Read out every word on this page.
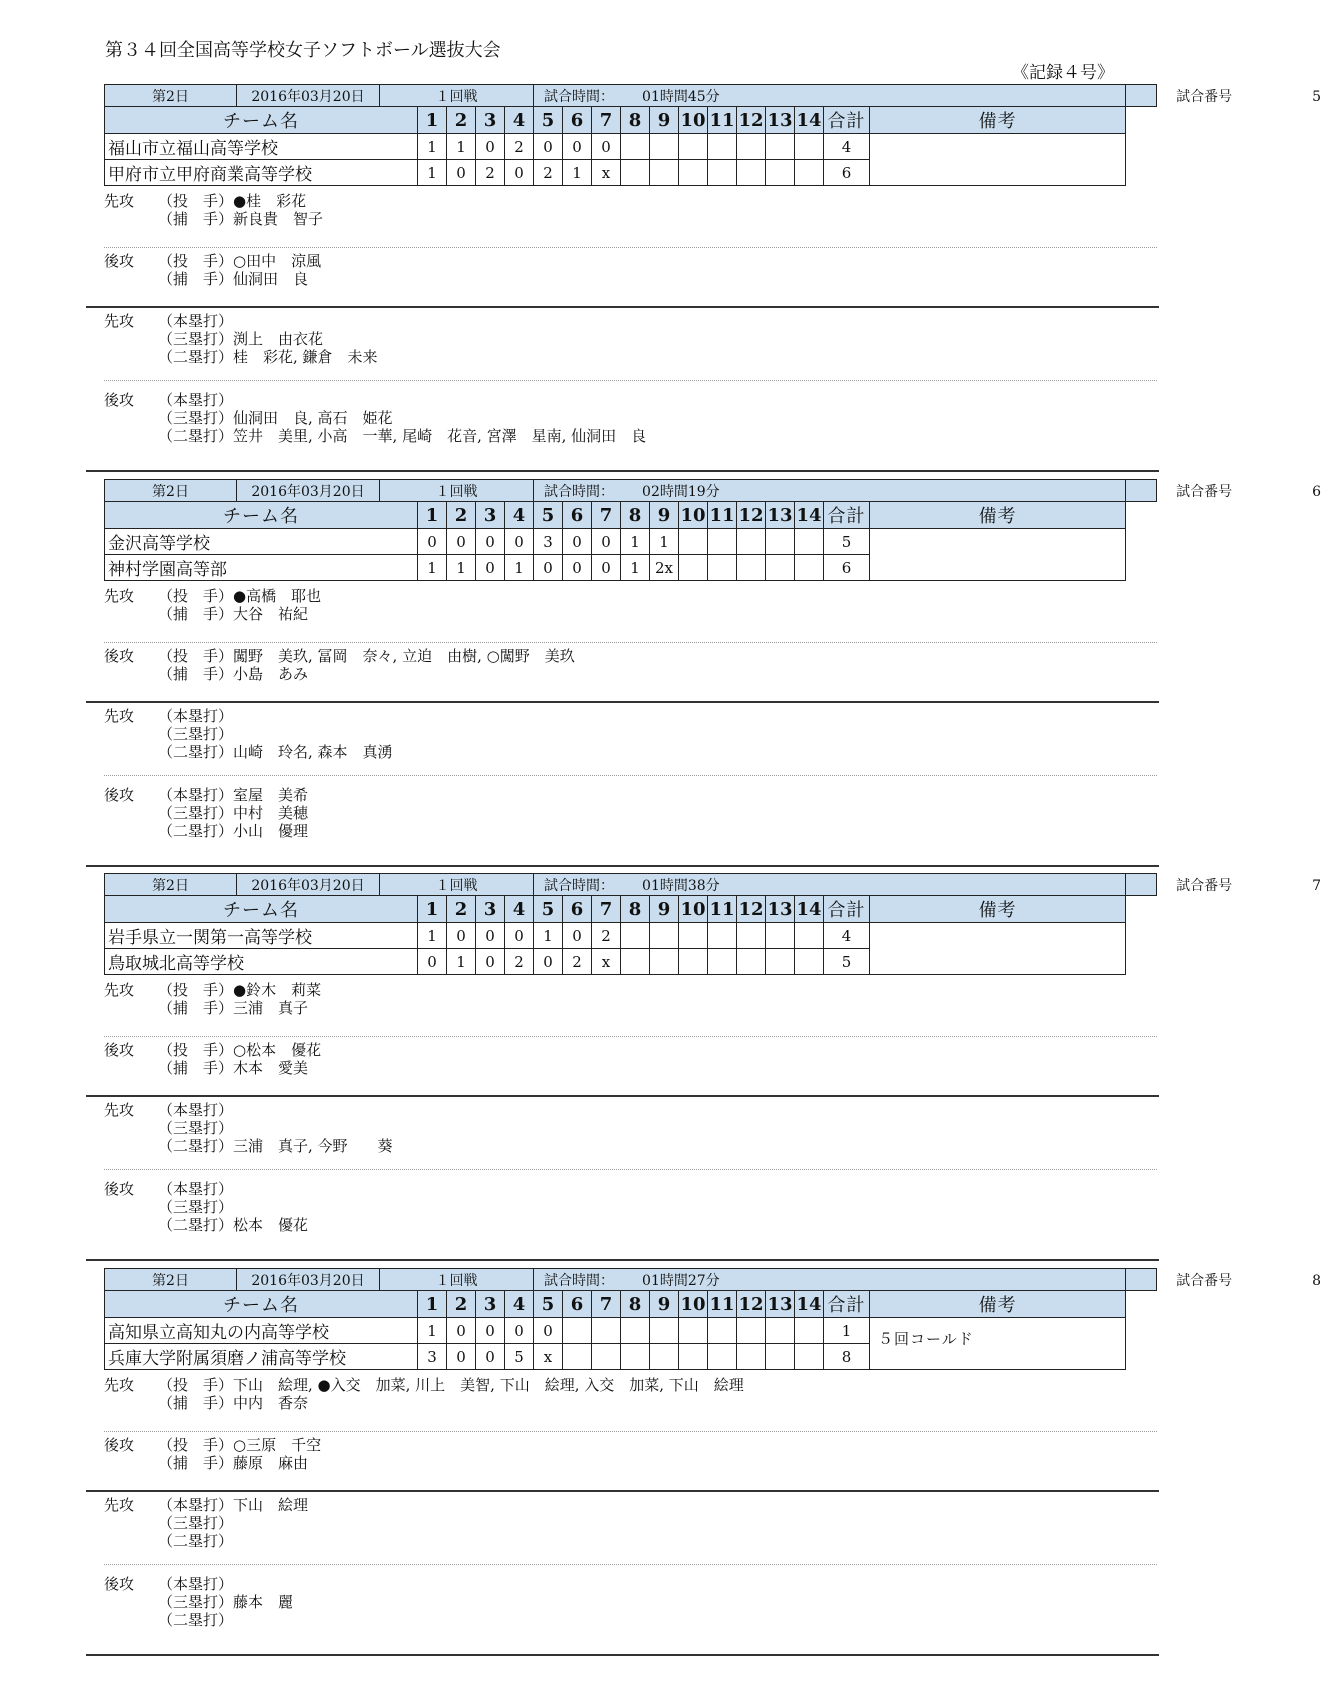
第３４回全国高等学校女子ソフトボール選抜大会
《記録４号》
第2日	2016年03月20日	１回戦					試合時間： 01時間45分												試合番号 5
チーム名			1	2	3	4	5	6	7	8	9	10	11	12	13	14	合計	備考	
福山市立福山高等学校			1	1	0	2	0	0	0								4		
甲府市立甲府商業高等学校			1	0	2	0	2	1	x								6		
先攻	（投　手）●桂　彩花
（捕　手）新良貴　智子
後攻	（投　手）○田中　涼風
（捕　手）仙洞田　良
先攻	（本塁打）
（三塁打）渕上　由衣花
（二塁打）桂　彩花, 鎌倉　未来
後攻	（本塁打）
（三塁打）仙洞田　良, 高石　姫花
（二塁打）笠井　美里, 小高　一華, 尾崎　花音, 宮澤　星南, 仙洞田　良
第2日	2016年03月20日	１回戦					試合時間： 02時間19分												試合番号 6
チーム名			1	2	3	4	5	6	7	8	9	10	11	12	13	14	合計	備考	
金沢高等学校			0	0	0	0	3	0	0	1	1						5		
神村学園高等部			1	1	0	1	0	0	0	1	2x						6		
先攻	（投　手）●高橋　耶也
（捕　手）大谷　祐紀
後攻	（投　手）闖野　美玖, 冨岡　奈々, 立迫　由樹, ○闖野　美玖
（捕　手）小島　あみ
先攻	（本塁打）
（三塁打）
（二塁打）山崎　玲名, 森本　真湧
後攻	（本塁打）室屋　美希
（三塁打）中村　美穂
（二塁打）小山　優理
第2日	2016年03月20日	１回戦					試合時間： 01時間38分												試合番号 7
チーム名			1	2	3	4	5	6	7	8	9	10	11	12	13	14	合計	備考	
岩手県立一関第一高等学校			1	0	0	0	1	0	2								4		
鳥取城北高等学校			0	1	0	2	0	2	x								5		
先攻	（投　手）●鈴木　莉菜
（捕　手）三浦　真子
後攻	（投　手）○松本　優花
（捕　手）木本　愛美
先攻	（本塁打）
（三塁打）
（二塁打）三浦　真子, 今野　　葵
後攻	（本塁打）
（三塁打）
（二塁打）松本　優花
第2日	2016年03月20日	１回戦					試合時間： 01時間27分												試合番号 8
チーム名			1	2	3	4	5	6	7	8	9	10	11	12	13	14	合計	備考	
高知県立高知丸の内高等学校			1	0	0	0	0										1	５回コールド	
兵庫大学附属須磨ノ浦高等学校			3	0	0	5	x										8		
先攻	（投　手）下山　絵理, ●入交　加菜, 川上　美智, 下山　絵理, 入交　加菜, 下山　絵理
（捕　手）中内　香奈
後攻	（投　手）○三原　千空
（捕　手）藤原　麻由
先攻	（本塁打）下山　絵理
（三塁打）
（二塁打）
後攻	（本塁打）
（三塁打）藤本　麗
（二塁打）
